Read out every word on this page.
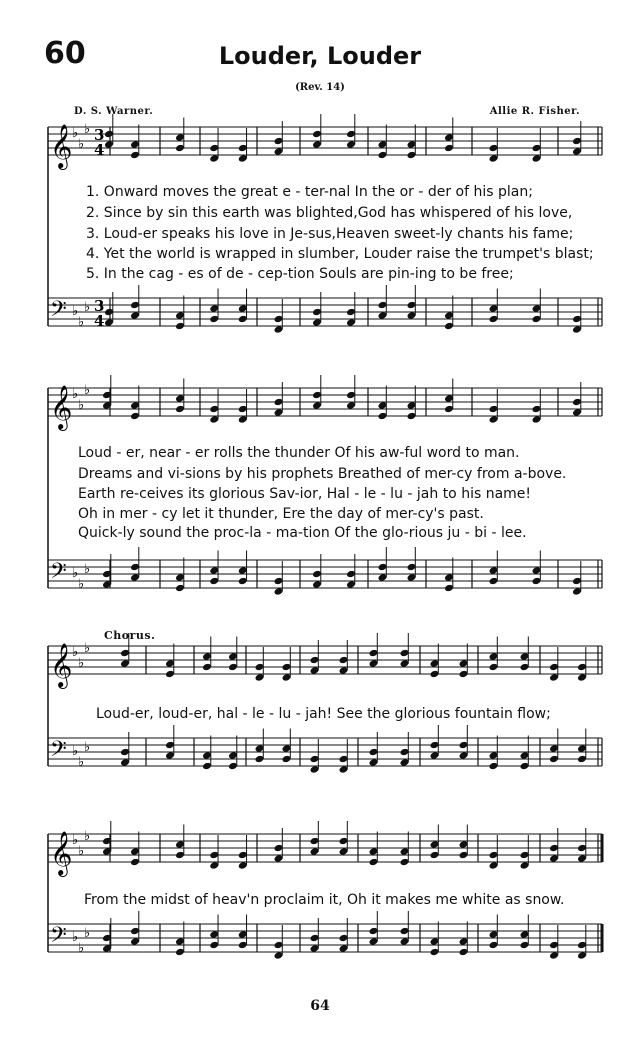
60	Louder, Louder
(Rev. 14)
D. S. Warner.	Allie R. Fisher.
𝄞 ♭
♭
♭ 3
4
𝄢 ♭
♭
♭ 3
4
𝄞 ♭
♭
♭
𝄢 ♭
♭
♭
𝄞 ♭
♭
♭
𝄢 ♭
♭
♭
𝄞 ♭
♭
♭
𝄢 ♭
♭
♭
1. Onward moves the great e - ter-nal In the or - der of his plan;
2. Since by sin this earth was blighted,God has whispered of his love,
3. Loud-er speaks his love in Je-sus,Heaven sweet-ly chants his fame;
4. Yet the world is wrapped in slumber, Louder raise the trumpet's blast;
5. In the cag - es of de - cep-tion Souls are pin-ing to be free;
Loud - er, near - er rolls the thunder Of his aw-ful word to man.
Dreams and vi-sions by his prophets Breathed of mer-cy from a-bove.
Earth re-ceives its glorious Sav-ior, Hal - le - lu - jah to his name!
Oh in mer - cy let it thunder, Ere the day of mer-cy's past.
Quick-ly sound the proc-la - ma-tion Of the glo-rious ju - bi - lee.
Chorus.
Loud-er, loud-er, hal - le - lu - jah! See the glorious fountain flow;
From the midst of heav'n proclaim it, Oh it makes me white as snow.
64
